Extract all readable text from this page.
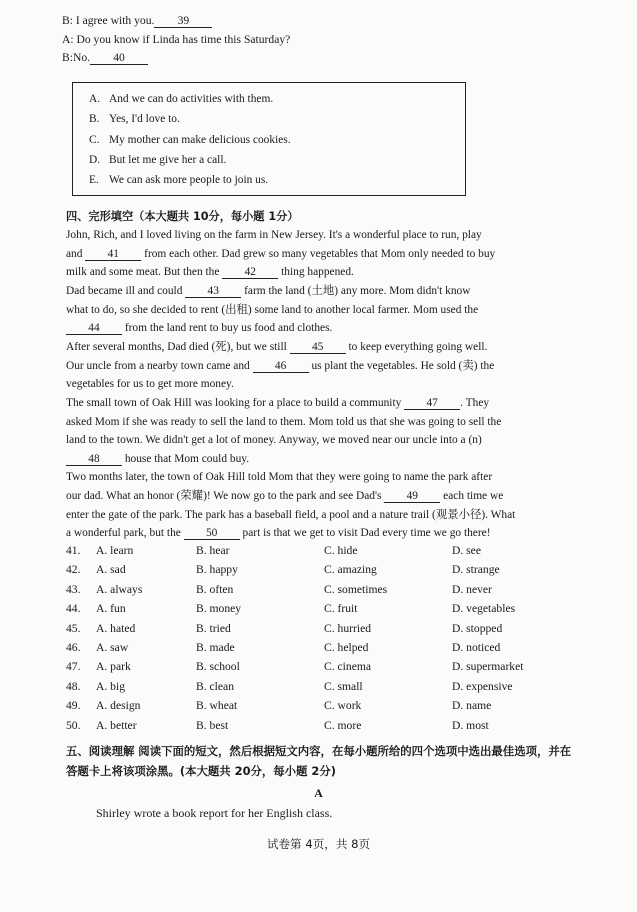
B: I agree with you. 39
A: Do you know if Linda has time this Saturday?
B:No. 40
A. And we can do activities with them.
B. Yes, I'd love to.
C. My mother can make delicious cookies.
D. But let me give her a call.
E. We can ask more people to join us.
四、完形填空（本大题共 10分，每小题 1分）
John, Rich, and I loved living on the farm in New Jersey. It's a wonderful place to run, play
and 41 from each other. Dad grew so many vegetables that Mom only needed to buy
milk and some meat. But then the 42 thing happened.
Dad became ill and could 43 farm the land (土地) any more. Mom didn't know
what to do, so she decided to rent (出租) some land to another local farmer. Mom used the
44 from the land rent to buy us food and clothes.
After several months, Dad died (死), but we still 45 to keep everything going well.
Our uncle from a nearby town came and 46 us plant the vegetables. He sold (卖) the
vegetables for us to get more money.
The small town of Oak Hill was looking for a place to build a community 47 . They
asked Mom if she was ready to sell the land to them. Mom told us that she was going to sell the
land to the town. We didn't get a lot of money. Anyway, we moved near our uncle into a (n)
48 house that Mom could buy.
Two months later, the town of Oak Hill told Mom that they were going to name the park after
our dad. What an honor (荣耀)! We now go to the park and see Dad's 49 each time we
enter the gate of the park. The park has a baseball field, a pool and a nature trail (观景小径). What
a wonderful park, but the 50 part is that we get to visit Dad every time we go there!
41. A. learn	B. hear	C. hide	D. see
42. A. sad	B. happy	C. amazing	D. strange
43. A. always	B. often	C. sometimes	D. never
44. A. fun	B. money	C. fruit	D. vegetables
45. A. hated	B. tried	C. hurried	D. stopped
46. A. saw	B. made	C. helped	D. noticed
47. A. park	B. school	C. cinema	D. supermarket
48. A. big	B. clean	C. small	D. expensive
49. A. design	B. wheat	C. work	D. name
50. A. better	B. best	C. more	D. most
五、阅读理解 阅读下面的短文，然后根据短文内容，在每小题所给的四个选项中选出最佳选项，并在答题卡上将该项涂黑。(本大题共 20分，每小题 2分)
A
Shirley wrote a book report for her English class.
试卷第 4页，共 8页
